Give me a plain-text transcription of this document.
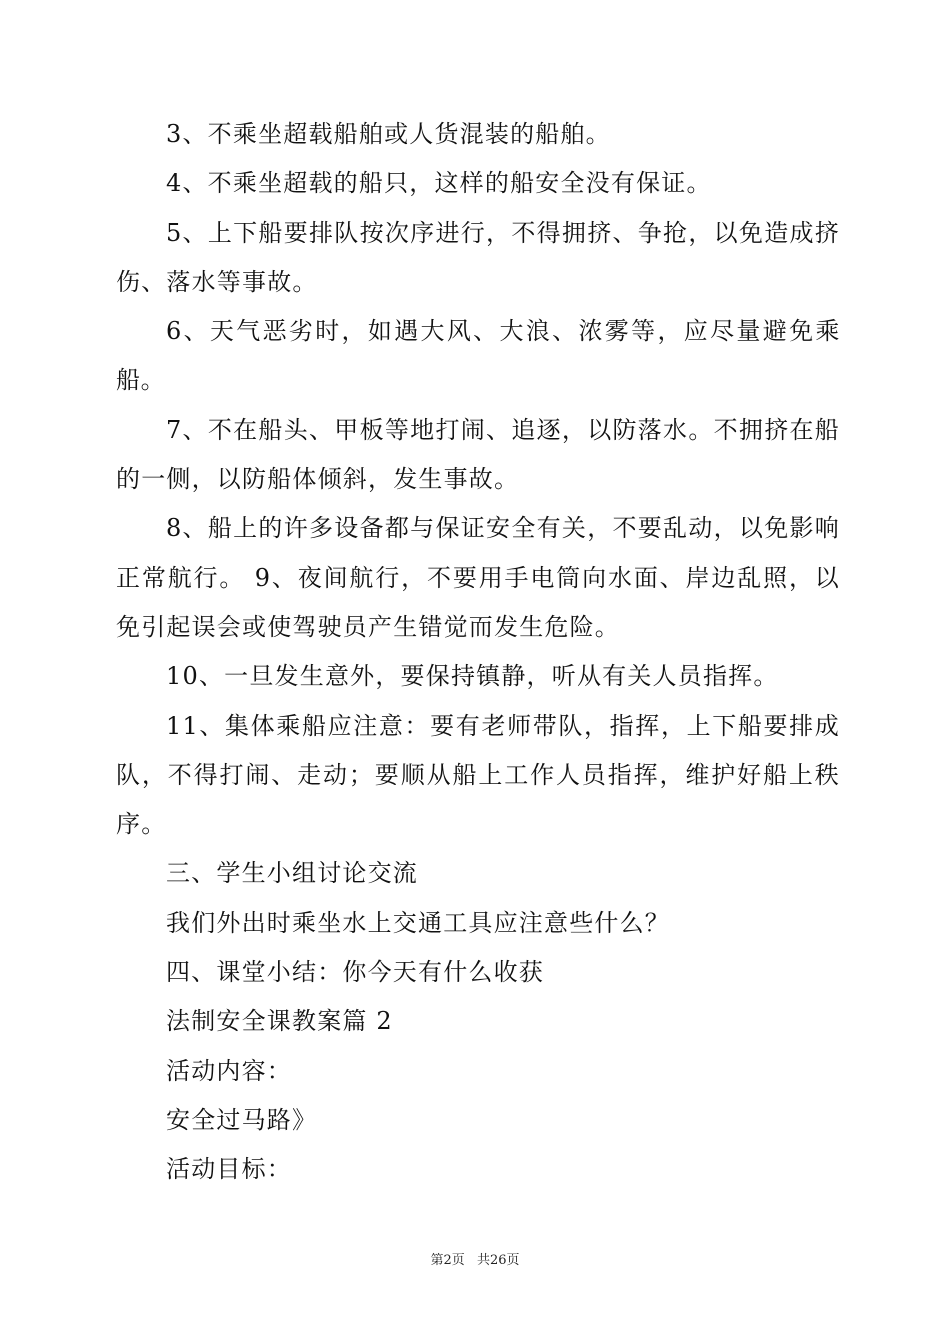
3、不乘坐超载船舶或人货混装的船舶。

4、不乘坐超载的船只，这样的船安全没有保证。

5、上下船要排队按次序进行，不得拥挤、争抢，以免造成挤伤、落水等事故。

6、天气恶劣时，如遇大风、大浪、浓雾等，应尽量避免乘船。

7、不在船头、甲板等地打闹、追逐，以防落水。不拥挤在船的一侧，以防船体倾斜，发生事故。

8、船上的许多设备都与保证安全有关，不要乱动，以免影响正常航行。 9、夜间航行，不要用手电筒向水面、岸边乱照，以免引起误会或使驾驶员产生错觉而发生危险。

10、一旦发生意外，要保持镇静，听从有关人员指挥。

11、集体乘船应注意：要有老师带队，指挥，上下船要排成队，不得打闹、走动；要顺从船上工作人员指挥，维护好船上秩序。

三、学生小组讨论交流

我们外出时乘坐水上交通工具应注意些什么？

四、课堂小结：你今天有什么收获

法制安全课教案篇 2

活动内容：

安全过马路》

活动目标：

第2页 共26页
